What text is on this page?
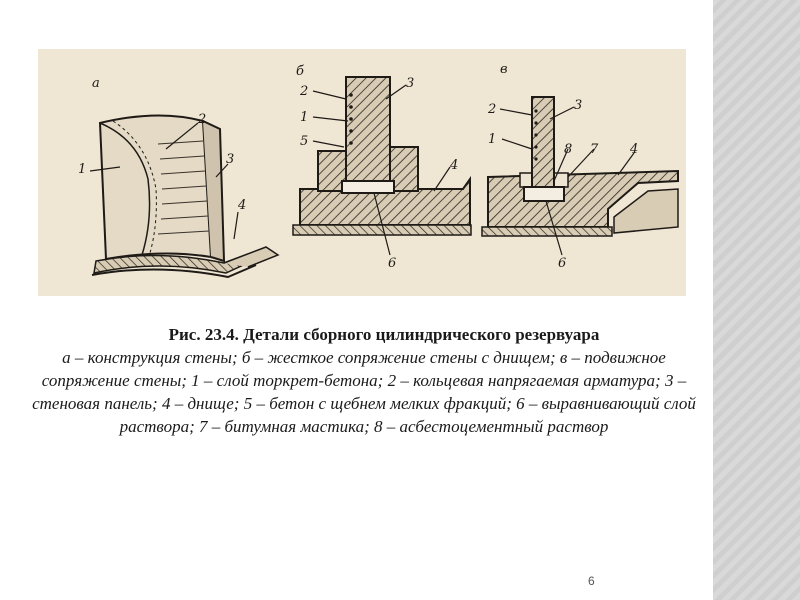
а
1
2
3
4
б
2
3
1
5
4
6
в
2	3
1
8 7 4
6
Рис. 23.4. Детали сборного цилиндрического резервуара
а – конструкция стены; б – жесткое сопряжение стены с днищем; в – подвижное сопряжение стены; 1 – слой торкрет-бетона; 2 – кольцевая напрягаемая арматура; 3 – стеновая панель; 4 – днище; 5 – бетон с щебнем мелких фракций; 6 – выравнивающий слой раствора; 7 – битумная мастика; 8 – асбестоцементный раствор
6
